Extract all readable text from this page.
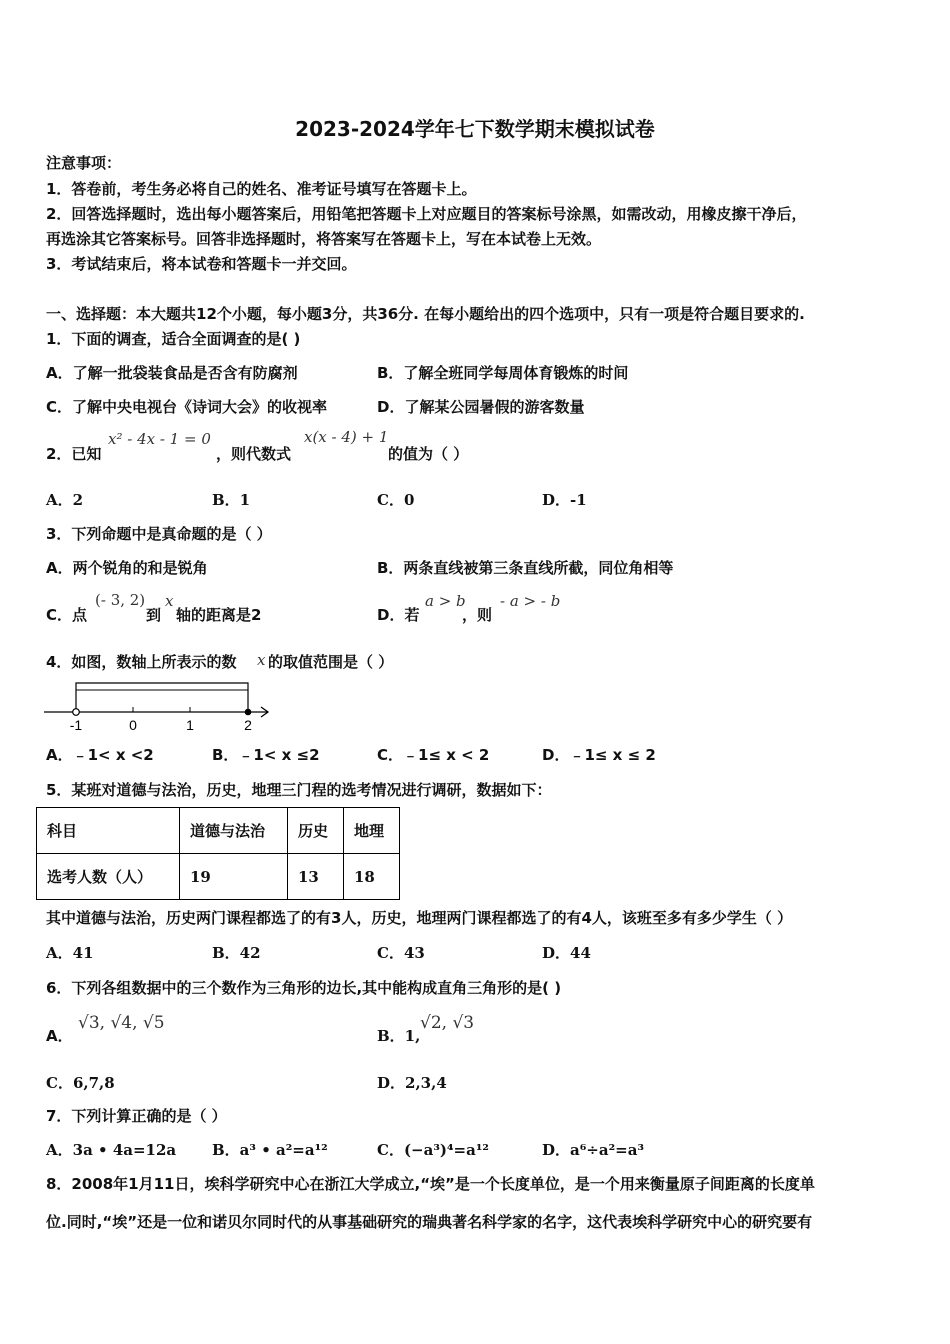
2023-2024学年七下数学期末模拟试卷
注意事项：
1．答卷前，考生务必将自己的姓名、准考证号填写在答题卡上。
2．回答选择题时，选出每小题答案后，用铅笔把答题卡上对应题目的答案标号涂黑，如需改动，用橡皮擦干净后，
再选涂其它答案标号。回答非选择题时，将答案写在答题卡上，写在本试卷上无效。
3．考试结束后，将本试卷和答题卡一并交回。
一、选择题：本大题共12个小题，每小题3分，共36分. 在每小题给出的四个选项中，只有一项是符合题目要求的.
1．下面的调查，适合全面调查的是( )
A．了解一批袋装食品是否含有防腐剂	B．了解全班同学每周体育锻炼的时间
C．了解中央电视台《诗词大会》的收视率	D．了解某公园暑假的游客数量
2．已知
x² - 4x - 1 = 0
，则代数式
x(x - 4) + 1
的值为（ ）
A．2	B．1	C．0	D．-1
3．下列命题中是真命题的是（ ）
A．两个锐角的和是锐角	B．两条直线被第三条直线所截，同位角相等
C．点
(- 3, 2)
到
x
轴的距离是2	D．若
a > b
，则
- a > - b
4．如图，数轴上所表示的数 x 的取值范围是（ ）
-1	0	1	2
A．﹣1< x <2	B．﹣1< x ≤2	C．﹣1≤ x < 2	D．﹣1≤ x ≤ 2
5．某班对道德与法治，历史，地理三门程的选考情况进行调研，数据如下：
科目	道德与法治	历史	地理
选考人数（人）	19	13	18
其中道德与法治，历史两门课程都选了的有3人，历史，地理两门课程都选了的有4人，该班至多有多少学生（ ）
A．41	B．42	C．43	D．44
6．下列各组数据中的三个数作为三角形的边长,其中能构成直角三角形的是( )
A．
√3, √4, √5
B．1,
√2, √3
C．6,7,8	D．2,3,4
7．下列计算正确的是（ ）
A．3a • 4a=12a B．a³ • a²=a¹²	C．(−a³)⁴=a¹²	D．a⁶÷a²=a³
8．2008年1月11日，埃科学研究中心在浙江大学成立,“埃”是一个长度单位，是一个用来衡量原子间距离的长度单
位.同时,“埃”还是一位和诺贝尔同时代的从事基础研究的瑞典著名科学家的名字，这代表埃科学研究中心的研究要有
